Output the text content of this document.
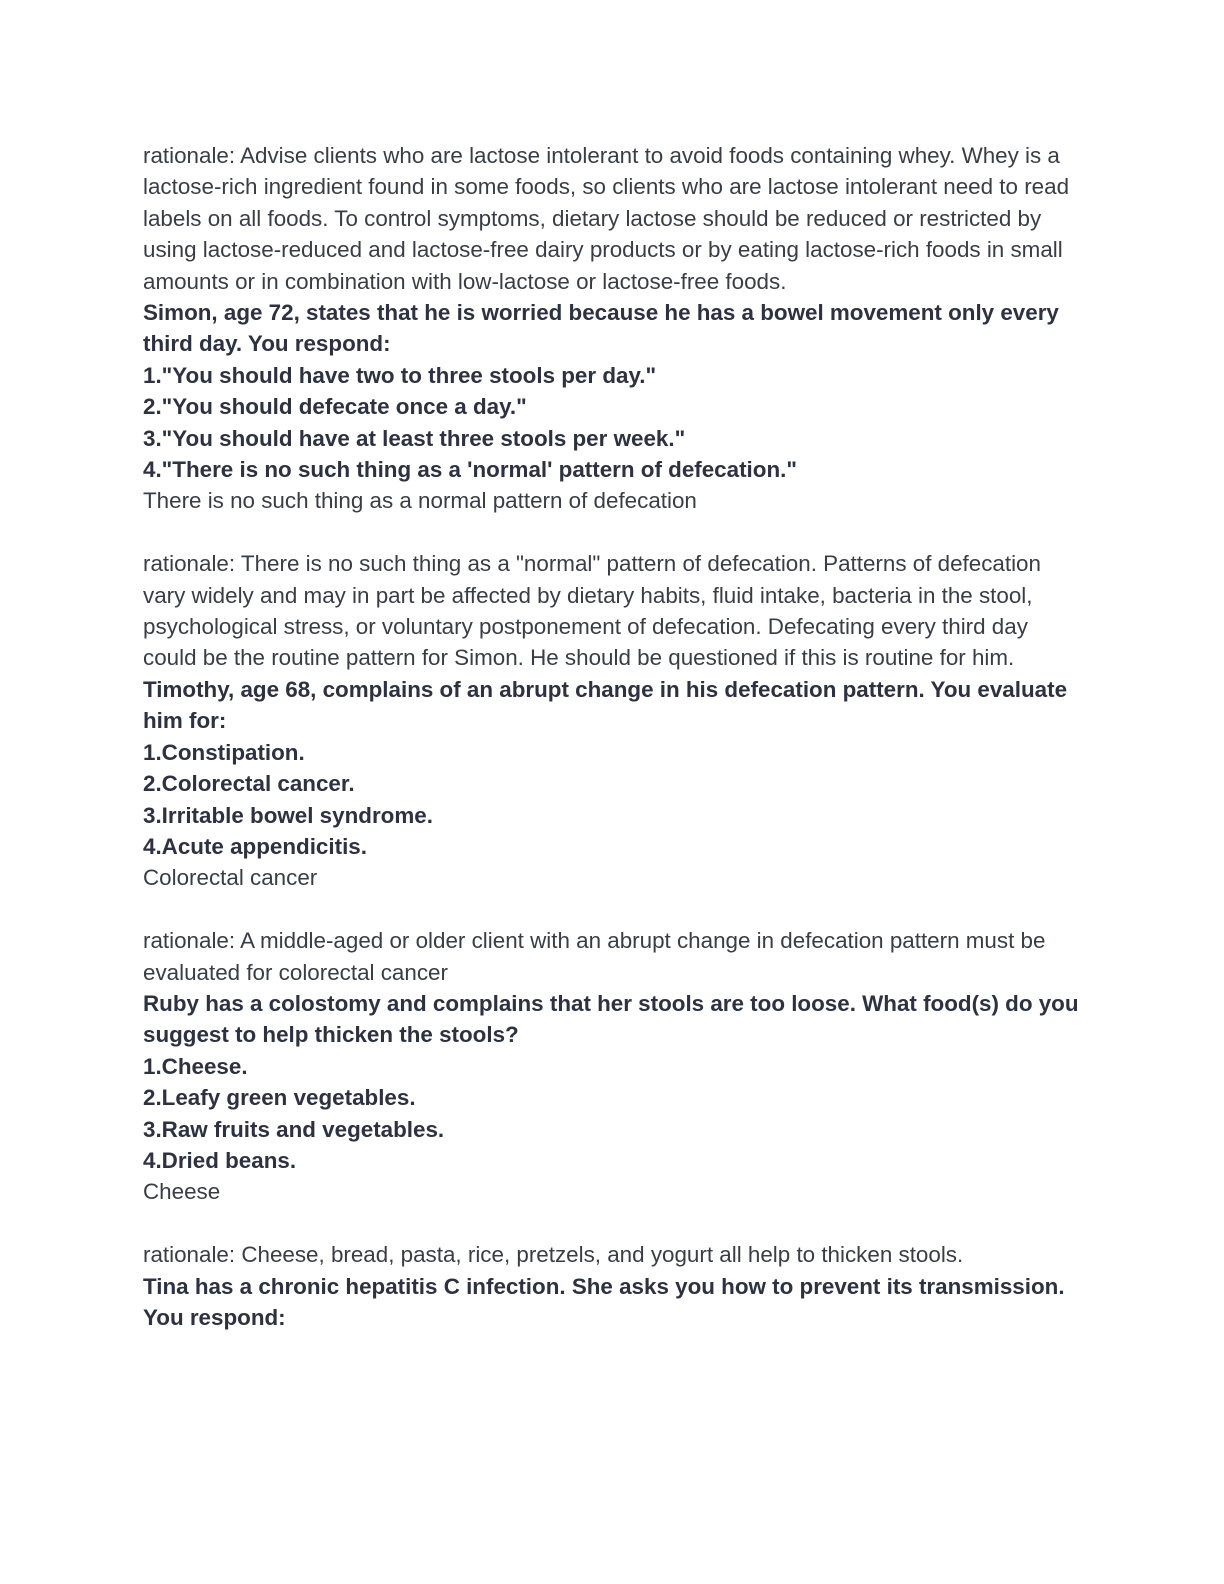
rationale: Advise clients who are lactose intolerant to avoid foods containing whey. Whey is a lactose-rich ingredient found in some foods, so clients who are lactose intolerant need to read labels on all foods. To control symptoms, dietary lactose should be reduced or restricted by using lactose-reduced and lactose-free dairy products or by eating lactose-rich foods in small amounts or in combination with low-lactose or lactose-free foods.

Simon, age 72, states that he is worried because he has a bowel movement only every third day. You respond:

1."You should have two to three stools per day."

2."You should defecate once a day."

3."You should have at least three stools per week."

4."There is no such thing as a 'normal' pattern of defecation."

There is no such thing as a normal pattern of defecation

rationale: There is no such thing as a "normal" pattern of defecation. Patterns of defecation vary widely and may in part be affected by dietary habits, fluid intake, bacteria in the stool, psychological stress, or voluntary postponement of defecation. Defecating every third day could be the routine pattern for Simon. He should be questioned if this is routine for him.

Timothy, age 68, complains of an abrupt change in his defecation pattern. You evaluate him for:

1.Constipation.

2.Colorectal cancer.

3.Irritable bowel syndrome.

4.Acute appendicitis.

Colorectal cancer

rationale: A middle-aged or older client with an abrupt change in defecation pattern must be evaluated for colorectal cancer

Ruby has a colostomy and complains that her stools are too loose. What food(s) do you suggest to help thicken the stools?

1.Cheese.

2.Leafy green vegetables.

3.Raw fruits and vegetables.

4.Dried beans.

Cheese

rationale: Cheese, bread, pasta, rice, pretzels, and yogurt all help to thicken stools.

Tina has a chronic hepatitis C infection. She asks you how to prevent its transmission. You respond:
